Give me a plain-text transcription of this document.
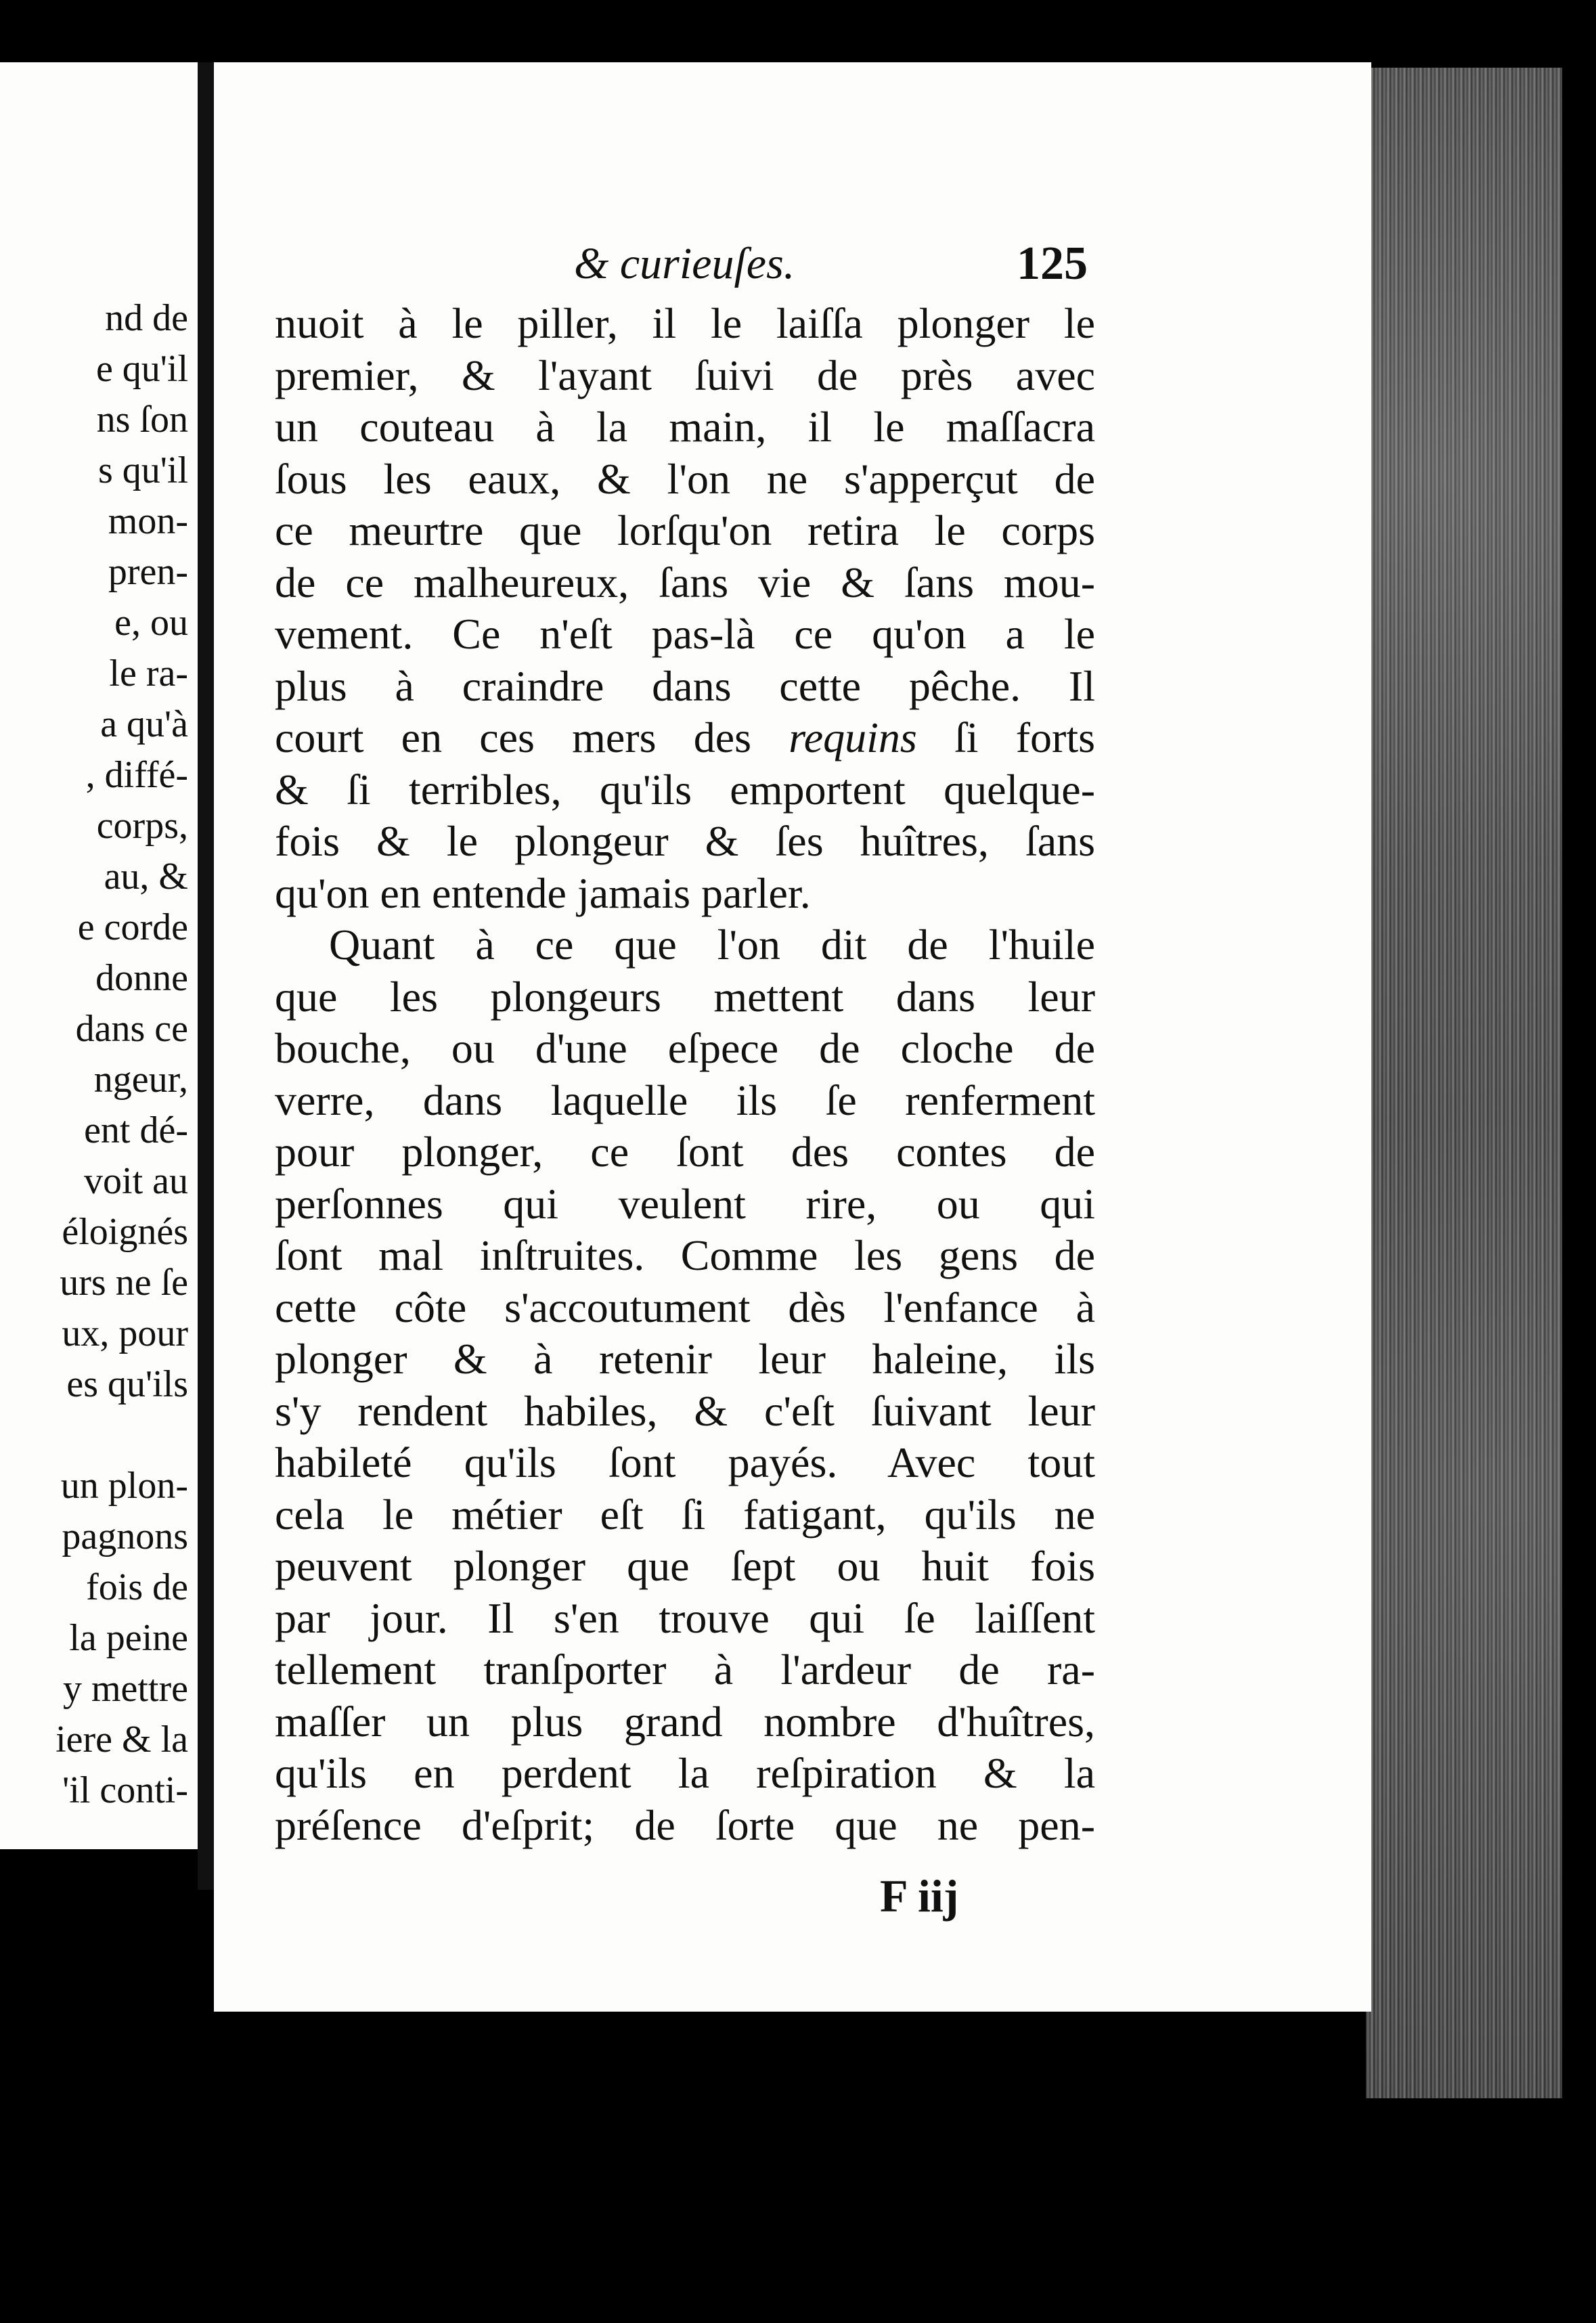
nd de
e qu'il
ns ſon
s qu'il
mon-
pren-
e, ou
le ra-
a qu'à
, diffé-
corps,
au, &
e corde
donne
dans ce
ngeur,
ent dé-
voit au
éloignés
urs ne ſe
ux, pour
es qu'ils
un plon-
pagnons
fois de
la peine
y mettre
iere & la
'il conti-
& curieuſes.	125
nuoit à le piller, il le laiſſa plonger le
premier, & l'ayant ſuivi de près avec
un couteau à la main, il le maſſacra
ſous les eaux, & l'on ne s'apperçut de
ce meurtre que lorſqu'on retira le corps
de ce malheureux, ſans vie & ſans mou-
vement. Ce n'eſt pas-là ce qu'on a le
plus à craindre dans cette pêche. Il
court en ces mers des requins ſi forts
& ſi terribles, qu'ils emportent quelque-
fois & le plongeur & ſes huîtres, ſans
qu'on en entende jamais parler.
Quant à ce que l'on dit de l'huile
que les plongeurs mettent dans leur
bouche, ou d'une eſpece de cloche de
verre, dans laquelle ils ſe renferment
pour plonger, ce ſont des contes de
perſonnes qui veulent rire, ou qui
ſont mal inſtruites. Comme les gens de
cette côte s'accoutument dès l'enfance à
plonger & à retenir leur haleine, ils
s'y rendent habiles, & c'eſt ſuivant leur
habileté qu'ils ſont payés. Avec tout
cela le métier eſt ſi fatigant, qu'ils ne
peuvent plonger que ſept ou huit fois
par jour. Il s'en trouve qui ſe laiſſent
tellement tranſporter à l'ardeur de ra-
maſſer un plus grand nombre d'huîtres,
qu'ils en perdent la reſpiration & la
préſence d'eſprit; de ſorte que ne pen-
F iij
